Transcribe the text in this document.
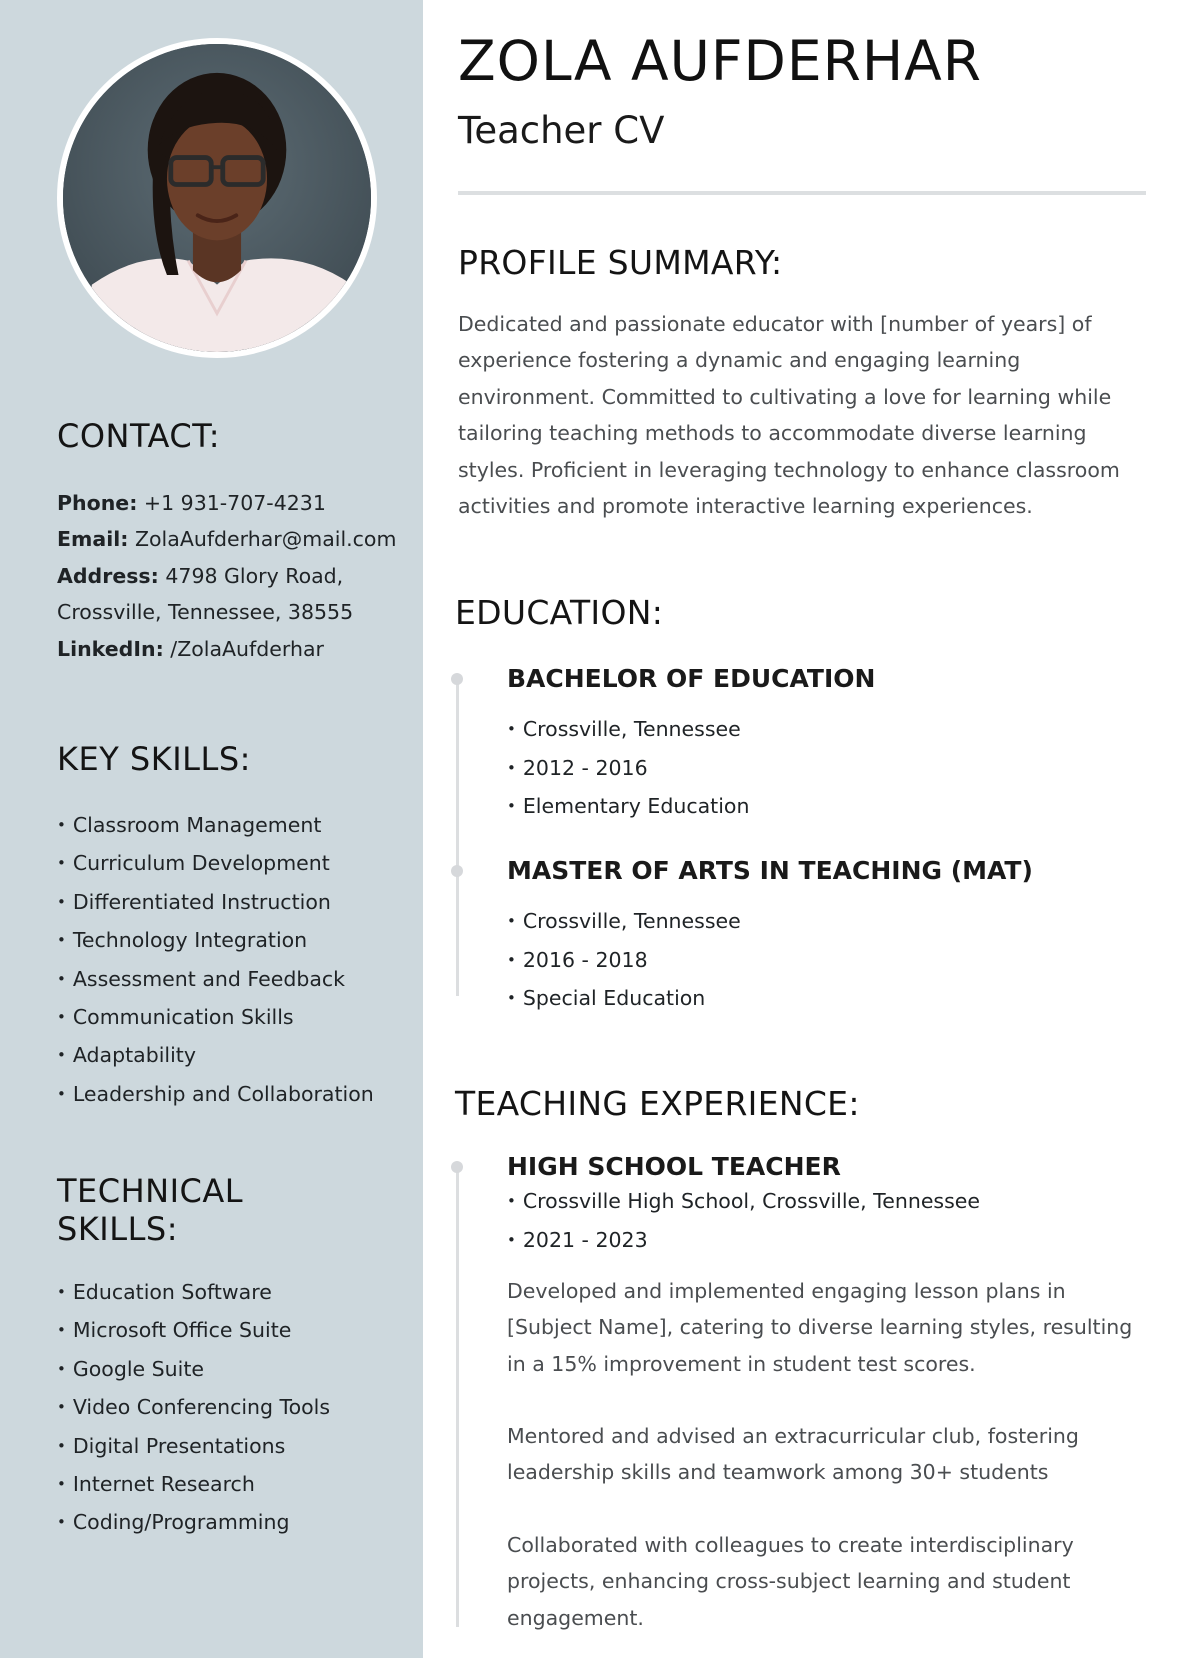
CONTACT:
Phone: +1 931-707-4231
Email: ZolaAufderhar@mail.com
Address: 4798 Glory Road,
Crossville, Tennessee, 38555
LinkedIn: /ZolaAufderhar
KEY SKILLS:
• Classroom Management
• Curriculum Development
• Differentiated Instruction
• Technology Integration
• Assessment and Feedback
• Communication Skills
• Adaptability
• Leadership and Collaboration
TECHNICAL
SKILLS:
• Education Software
• Microsoft Office Suite
• Google Suite
• Video Conferencing Tools
• Digital Presentations
• Internet Research
• Coding/Programming
ZOLA AUFDERHAR
Teacher CV
PROFILE SUMMARY:

Dedicated and passionate educator with [number of years] of experience fostering a dynamic and engaging learning environment. Committed to cultivating a love for learning while tailoring teaching methods to accommodate diverse learning styles. Proficient in leveraging technology to enhance classroom activities and promote interactive learning experiences.

EDUCATION:
BACHELOR OF EDUCATION
• Crossville, Tennessee
• 2012 - 2016
• Elementary Education
MASTER OF ARTS IN TEACHING (MAT)
• Crossville, Tennessee
• 2016 - 2018
• Special Education
TEACHING EXPERIENCE:
HIGH SCHOOL TEACHER
• Crossville High School, Crossville, Tennessee
• 2021 - 2023

Developed and implemented engaging lesson plans in [Subject Name], catering to diverse learning styles, resulting in a 15% improvement in student test scores.

Mentored and advised an extracurricular club, fostering leadership skills and teamwork among 30+ students

Collaborated with colleagues to create interdisciplinary projects, enhancing cross-subject learning and student engagement.
